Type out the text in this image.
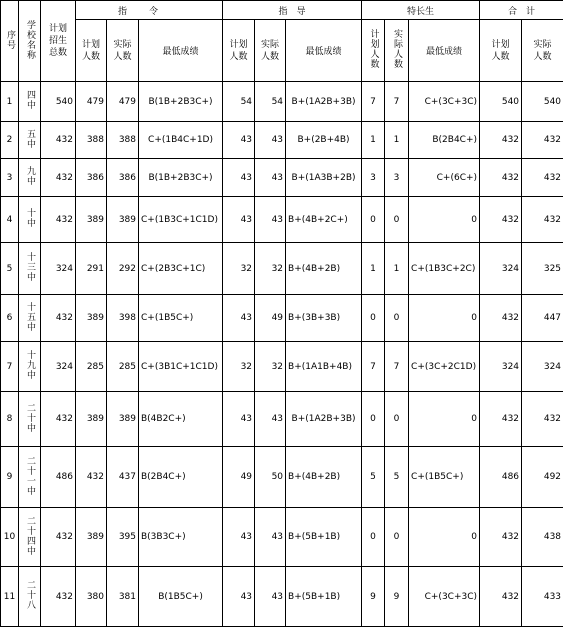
序号	学校名称	计划招生总数	指令			指　导			特长生			合　计	
			计划人数	实际人数	最低成绩	计划人数	实际人数	最低成绩	计划人数	实际人数	最低成绩	计划人数	实际人数
1	四中	540	479	479	B(1B+2B3C+)	54	54	B+(1A2B+3B)	7	7	C+(3C+3C)	540	540
2	五中	432	388	388	C+(1B4C+1D)	43	43	B+(2B+4B)	1	1	B(2B4C+)	432	432
3	九中	432	386	386	B(1B+2B3C+)	43	43	B+(1A3B+2B)	3	3	C+(6C+)	432	432
4	十中	432	389	389	C+(1B3C+1C1D)	43	43	B+(4B+2C+)	0	0	0	432	432
5	十三中	324	291	292	C+(2B3C+1C)	32	32	B+(4B+2B)	1	1	C+(1B3C+2C)	324	325
6	十五中	432	389	398	C+(1B5C+)	43	49	B+(3B+3B)	0	0	0	432	447
7	十九中	324	285	285	C+(3B1C+1C1D)	32	32	B+(1A1B+4B)	7	7	C+(3C+2C1D)	324	324
8	二十中	432	389	389	B(4B2C+)	43	43	B+(1A2B+3B)	0	0	0	432	432
9	二十一中	486	432	437	B(2B4C+)	49	50	B+(4B+2B)	5	5	C+(1B5C+)	486	492
10	二十四中	432	389	395	B(3B3C+)	43	43	B+(5B+1B)	0	0	0	432	438
11	二十八	432	380	381	B(1B5C+)	43	43	B+(5B+1B)	9	9	C+(3C+3C)	432	433
